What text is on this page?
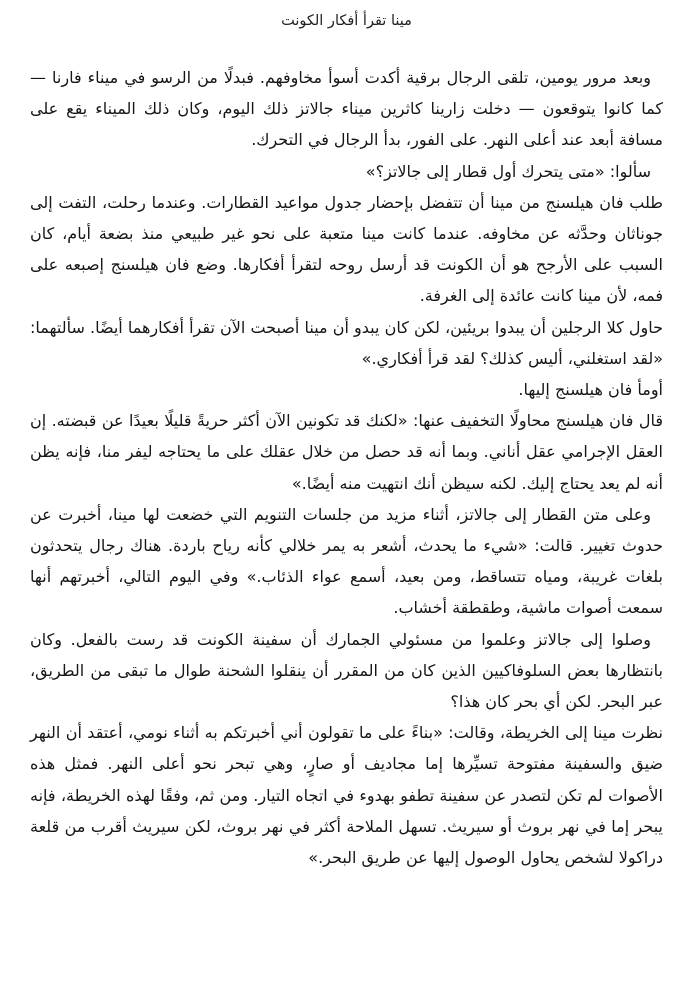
مينا تقرأ أفكار الكونت

وبعد مرور يومين، تلقى الرجال برقية أكدت أسوأ مخاوفهم. فبدلًا من الرسو في ميناء فارنا — كما كانوا يتوقعون — دخلت زارينا كاثرين ميناء جالاتز ذلك اليوم، وكان ذلك الميناء يقع على مسافة أبعد عند أعلى النهر. على الفور، بدأ الرجال في التحرك.

سألوا: «متى يتحرك أول قطار إلى جالاتز؟»

طلب فان هيلسنج من مينا أن تتفضل بإحضار جدول مواعيد القطارات. وعندما رحلت، التفت إلى جوناثان وحدَّثه عن مخاوفه. عندما كانت مينا متعبة على نحو غير طبيعي منذ بضعة أيام، كان السبب على الأرجح هو أن الكونت قد أرسل روحه لتقرأ أفكارها. وضع فان هيلسنج إصبعه على فمه، لأن مينا كانت عائدة إلى الغرفة.

حاول كلا الرجلين أن يبدوا بريئين، لكن كان يبدو أن مينا أصبحت الآن تقرأ أفكارهما أيضًا. سألتهما: «لقد استغلني، أليس كذلك؟ لقد قرأ أفكاري.»

أومأ فان هيلسنج إليها.

قال فان هيلسنج محاولًا التخفيف عنها: «لكنك قد تكونين الآن أكثر حريةً قليلًا بعيدًا عن قبضته. إن العقل الإجرامي عقل أناني. وبما أنه قد حصل من خلال عقلك على ما يحتاجه ليفر منا، فإنه يظن أنه لم يعد يحتاج إليك. لكنه سيظن أنك انتهيت منه أيضًا.»

وعلى متن القطار إلى جالاتز، أثناء مزيد من جلسات التنويم التي خضعت لها مينا، أخبرت عن حدوث تغيير. قالت: «شيء ما يحدث، أشعر به يمر خلالي كأنه رياح باردة. هناك رجال يتحدثون بلغات غريبة، ومياه تتساقط، ومن بعيد، أسمع عواء الذئاب.» وفي اليوم التالي، أخبرتهم أنها سمعت أصوات ماشية، وطقطقة أخشاب.

وصلوا إلى جالاتز وعلموا من مسئولي الجمارك أن سفينة الكونت قد رست بالفعل. وكان بانتظارها بعض السلوفاكيين الذين كان من المقرر أن ينقلوا الشحنة طوال ما تبقى من الطريق، عبر البحر. لكن أي بحر كان هذا؟

نظرت مينا إلى الخريطة، وقالت: «بناءً على ما تقولون أني أخبرتكم به أثناء نومي، أعتقد أن النهر ضيق والسفينة مفتوحة تسيِّرها إما مجاديف أو صارٍ، وهي تبحر نحو أعلى النهر. فمثل هذه الأصوات لم تكن لتصدر عن سفينة تطفو بهدوء في اتجاه التيار. ومن ثم، وفقًا لهذه الخريطة، فإنه يبحر إما في نهر بروث أو سيريث. تسهل الملاحة أكثر في نهر بروث، لكن سيريث أقرب من قلعة دراكولا لشخص يحاول الوصول إليها عن طريق البحر.»
